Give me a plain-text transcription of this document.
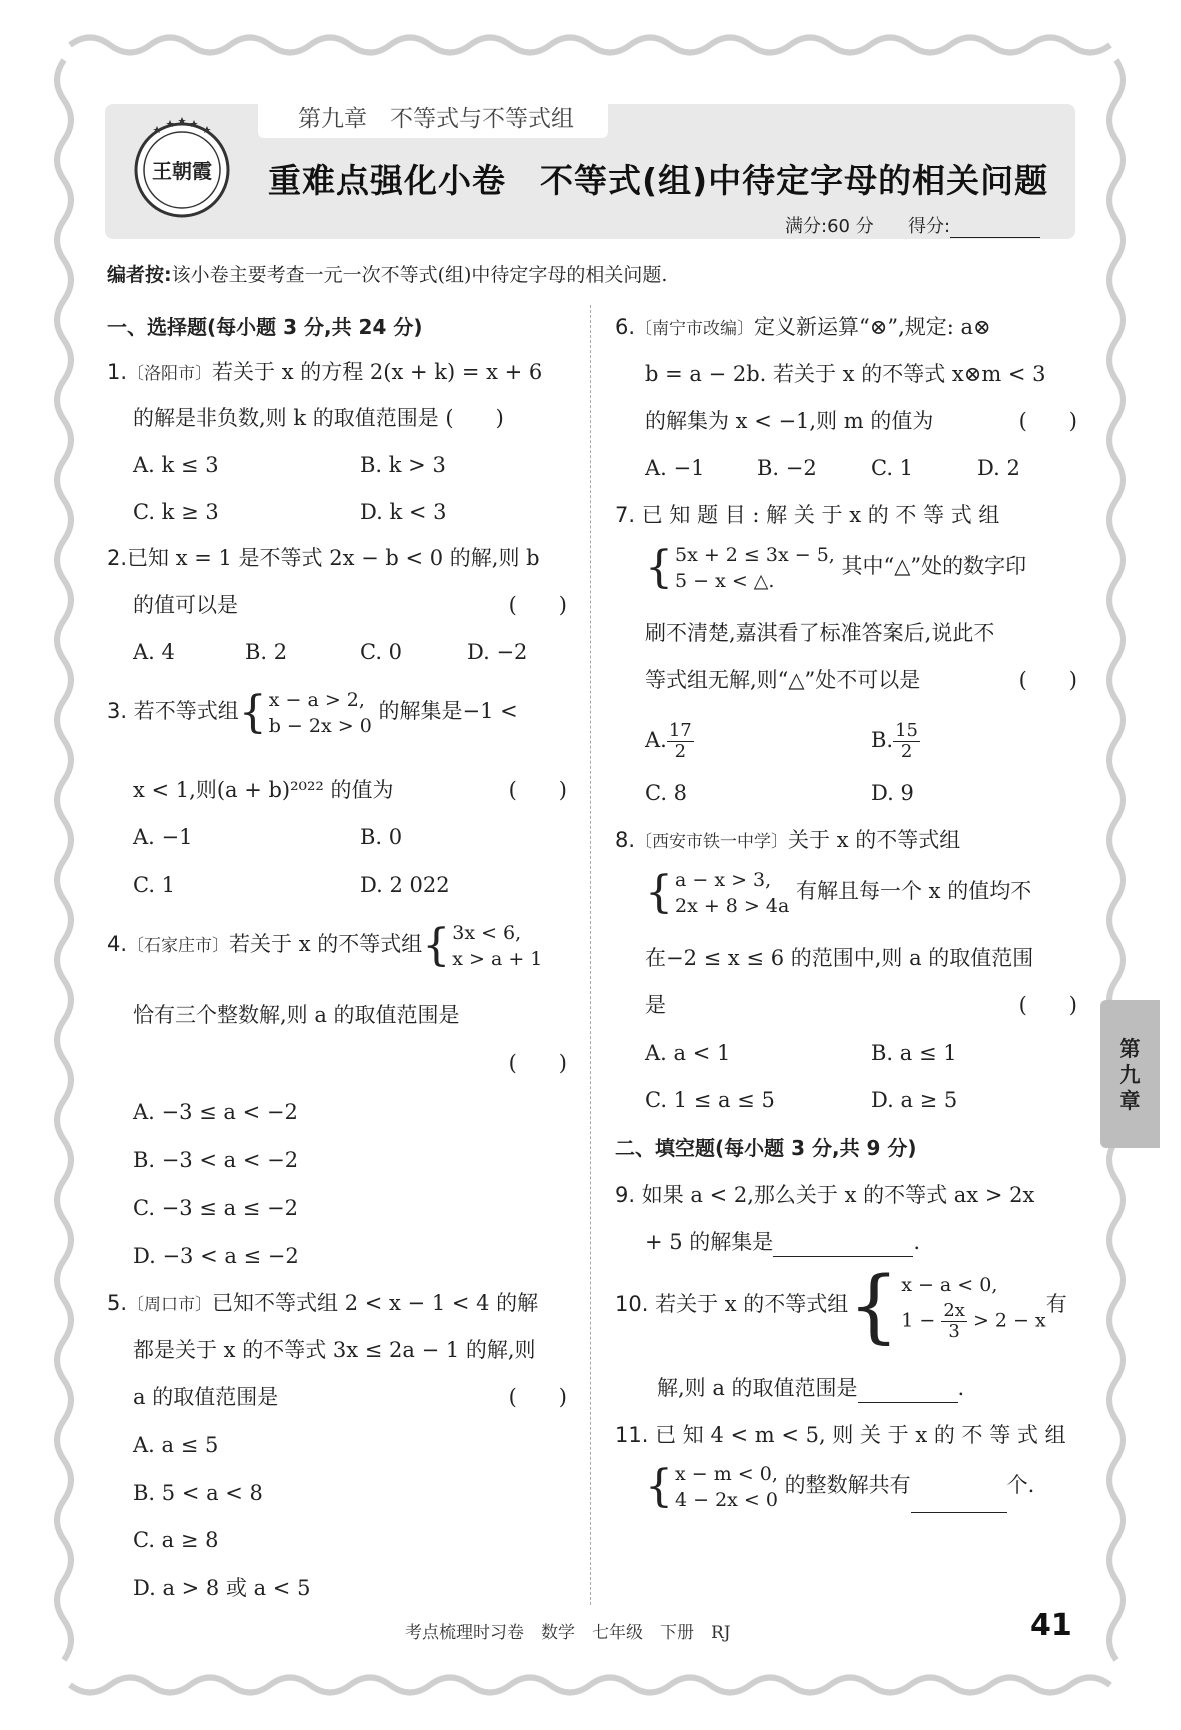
第九章　不等式与不等式组
王朝霞 重难点强化小卷　不等式(组)中待定字母的相关问题
满分:60 分 得分:
编者按:该小卷主要考查一元一次不等式(组)中待定字母的相关问题.
一、选择题(每小题 3 分,共 24 分)
1.〔洛阳市〕若关于 x 的方程 2(x + k) = x + 6
的解是非负数,则 k 的取值范围是 (　　)
A. k ≤ 3	B. k > 3
C. k ≥ 3	D. k < 3
2.已知 x = 1 是不等式 2x − b < 0 的解,则 b
的值可以是	(　　)
A. 4	B. 2	C. 0	D. −2
3. 若不等式组{ x − a > 2,
b − 2x > 0 的解集是−1 <
x < 1,则(a + b)²⁰²² 的值为	(　　)
A. −1	B. 0
C. 1	D. 2 022
4.〔石家庄市〕若关于 x 的不等式组{ 3x < 6,
x > a + 1
恰有三个整数解,则 a 的取值范围是
(　　)
A. −3 ≤ a < −2
B. −3 < a < −2
C. −3 ≤ a ≤ −2
D. −3 < a ≤ −2
5.〔周口市〕已知不等式组 2 < x − 1 < 4 的解
都是关于 x 的不等式 3x ≤ 2a − 1 的解,则
a 的取值范围是	(　　)
A. a ≤ 5
B. 5 < a < 8
C. a ≥ 8
D. a > 8 或 a < 5
6.〔南宁市改编〕定义新运算“⊗”,规定: a⊗
b = a − 2b. 若关于 x 的不等式 x⊗m < 3
的解集为 x < −1,则 m 的值为	(　　)
A. −1	B. −2	C. 1	D. 2
7. 已 知 题 目 : 解 关 于 x 的 不 等 式 组
{ 5x + 2 ≤ 3x − 5,
5 − x < △. 其中“△”处的数字印
刷不清楚,嘉淇看了标准答案后,说此不
等式组无解,则“△”处不可以是	(　　)
A. $\frac{17}{2}$	B. $\frac{15}{2}$
C. 8	D. 9
8.〔西安市铁一中学〕关于 x 的不等式组
{ a − x > 3,
2x + 8 > 4a 有解且每一个 x 的值均不
在−2 ≤ x ≤ 6 的范围中,则 a 的取值范围
是	(　　)
A. a < 1	B. a ≤ 1
C. 1 ≤ a ≤ 5	D. a ≥ 5
二、填空题(每小题 3 分,共 9 分)
9. 如果 a < 2,那么关于 x 的不等式 ax > 2x
+ 5 的解集是	.
10. 若关于 x 的不等式组{ x − a < 0,
$1 - \frac{2x}{3} > 2 - x$有
解,则 a 的取值范围是	.
11. 已 知 4 < m < 5, 则 关 于 x 的 不 等 式 组
{ x − m < 0,
4 − 2x < 0 的整数解共有	个.
第九章
考点梳理时习卷　数学　七年级　下册　RJ	41
